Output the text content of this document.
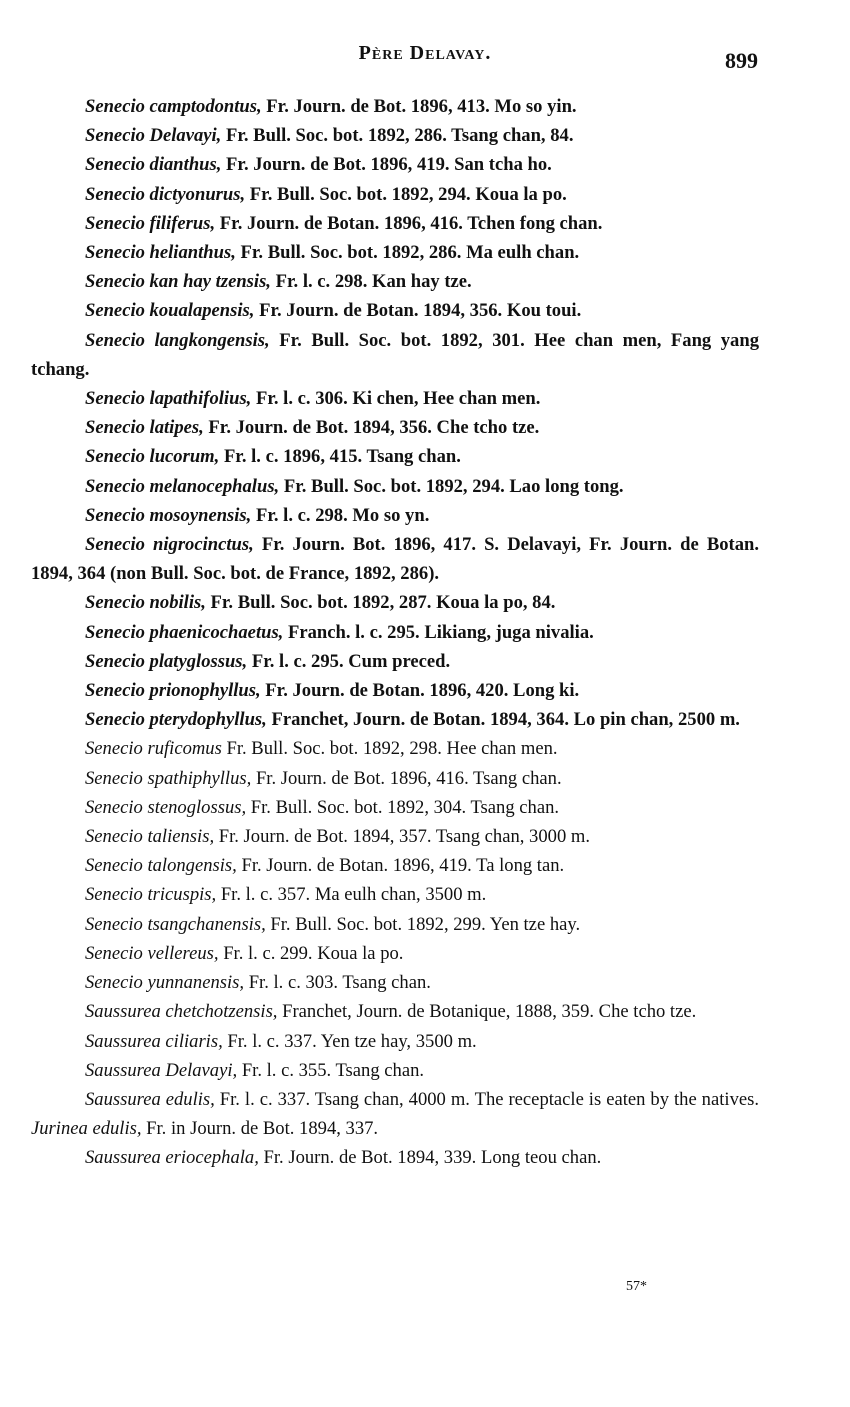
Père Delavay.	899

Senecio camptodontus, Fr. Journ. de Bot. 1896, 413. Mo so yin.

Senecio Delavayi, Fr. Bull. Soc. bot. 1892, 286. Tsang chan, 84.

Senecio dianthus, Fr. Journ. de Bot. 1896, 419. San tcha ho.

Senecio dictyonurus, Fr. Bull. Soc. bot. 1892, 294. Koua la po.

Senecio filiferus, Fr. Journ. de Botan. 1896, 416. Tchen fong chan.

Senecio helianthus, Fr. Bull. Soc. bot. 1892, 286. Ma eulh chan.

Senecio kan hay tzensis, Fr. l. c. 298. Kan hay tze.

Senecio koualapensis, Fr. Journ. de Botan. 1894, 356. Kou toui.

Senecio langkongensis, Fr. Bull. Soc. bot. 1892, 301. Hee chan men, Fang yang tchang.

Senecio lapathifolius, Fr. l. c. 306. Ki chen, Hee chan men.

Senecio latipes, Fr. Journ. de Bot. 1894, 356. Che tcho tze.

Senecio lucorum, Fr. l. c. 1896, 415. Tsang chan.

Senecio melanocephalus, Fr. Bull. Soc. bot. 1892, 294. Lao long tong.

Senecio mosoynensis, Fr. l. c. 298. Mo so yn.

Senecio nigrocinctus, Fr. Journ. Bot. 1896, 417. S. Delavayi, Fr. Journ. de Botan. 1894, 364 (non Bull. Soc. bot. de France, 1892, 286).

Senecio nobilis, Fr. Bull. Soc. bot. 1892, 287. Koua la po, 84.

Senecio phaenicochaetus, Franch. l. c. 295. Likiang, juga nivalia.

Senecio platyglossus, Fr. l. c. 295. Cum preced.

Senecio prionophyllus, Fr. Journ. de Botan. 1896, 420. Long ki.

Senecio pterydophyllus, Franchet, Journ. de Botan. 1894, 364. Lo pin chan, 2500 m.

Senecio ruficomus Fr. Bull. Soc. bot. 1892, 298. Hee chan men.

Senecio spathiphyllus, Fr. Journ. de Bot. 1896, 416. Tsang chan.

Senecio stenoglossus, Fr. Bull. Soc. bot. 1892, 304. Tsang chan.

Senecio taliensis, Fr. Journ. de Bot. 1894, 357. Tsang chan, 3000 m.

Senecio talongensis, Fr. Journ. de Botan. 1896, 419. Ta long tan.

Senecio tricuspis, Fr. l. c. 357. Ma eulh chan, 3500 m.

Senecio tsangchanensis, Fr. Bull. Soc. bot. 1892, 299. Yen tze hay.

Senecio vellereus, Fr. l. c. 299. Koua la po.

Senecio yunnanensis, Fr. l. c. 303. Tsang chan.

Saussurea chetchotzensis, Franchet, Journ. de Botanique, 1888, 359. Che tcho tze.

Saussurea ciliaris, Fr. l. c. 337. Yen tze hay, 3500 m.

Saussurea Delavayi, Fr. l. c. 355. Tsang chan.

Saussurea edulis, Fr. l. c. 337. Tsang chan, 4000 m. The receptacle is eaten by the natives. Jurinea edulis, Fr. in Journ. de Bot. 1894, 337.

Saussurea eriocephala, Fr. Journ. de Bot. 1894, 339. Long teou chan.

57*
